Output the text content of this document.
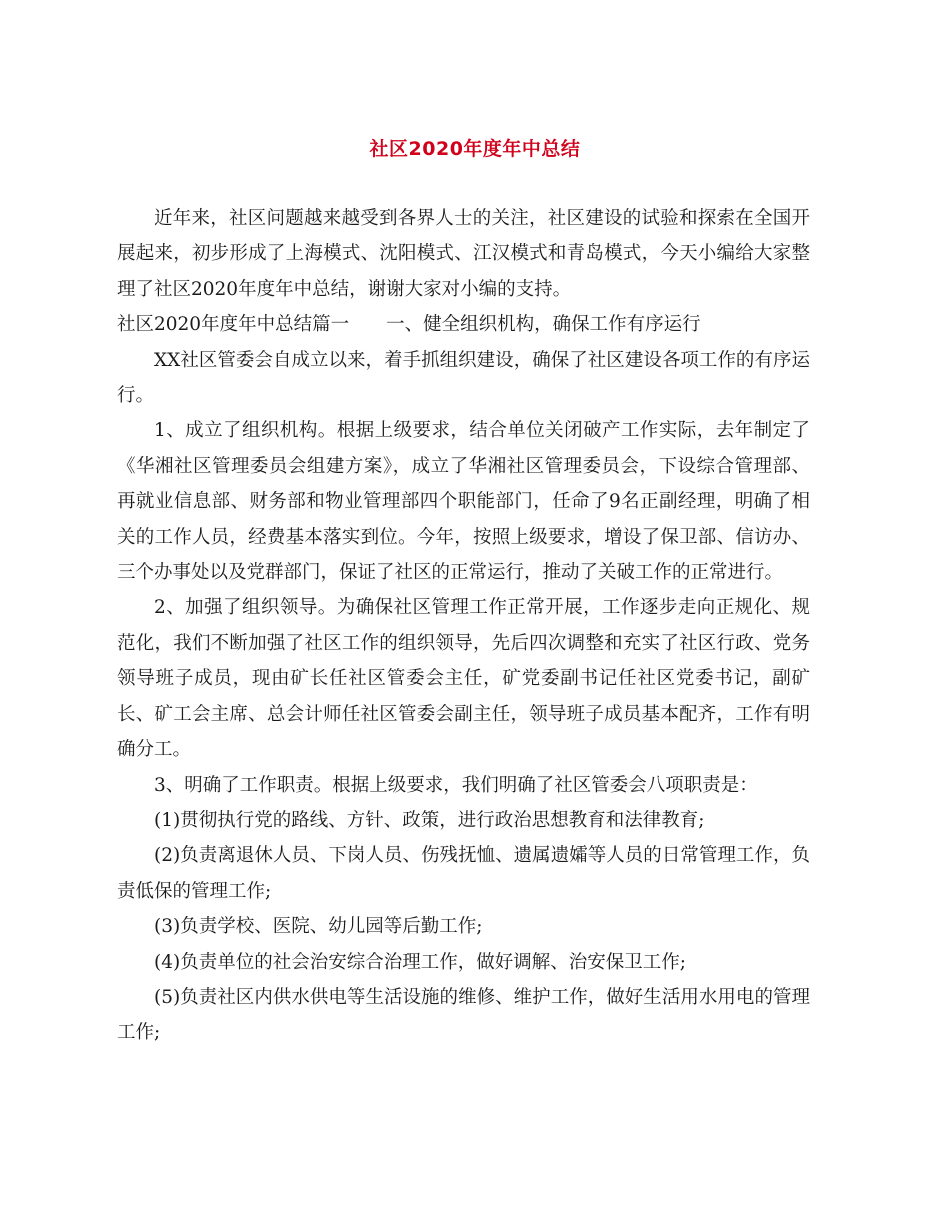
社区2020年度年中总结

近年来，社区问题越来越受到各界人士的关注，社区建设的试验和探索在全国开展起来，初步形成了上海模式、沈阳模式、江汉模式和青岛模式，今天小编给大家整理了社区2020年度年中总结，谢谢大家对小编的支持。

社区2020年度年中总结篇一　　一、健全组织机构，确保工作有序运行

XX社区管委会自成立以来，着手抓组织建设，确保了社区建设各项工作的有序运行。

1、成立了组织机构。根据上级要求，结合单位关闭破产工作实际，去年制定了《华湘社区管理委员会组建方案》，成立了华湘社区管理委员会，下设综合管理部、再就业信息部、财务部和物业管理部四个职能部门，任命了9名正副经理，明确了相关的工作人员，经费基本落实到位。今年，按照上级要求，增设了保卫部、信访办、三个办事处以及党群部门，保证了社区的正常运行，推动了关破工作的正常进行。

2、加强了组织领导。为确保社区管理工作正常开展，工作逐步走向正规化、规范化，我们不断加强了社区工作的组织领导，先后四次调整和充实了社区行政、党务领导班子成员，现由矿长任社区管委会主任，矿党委副书记任社区党委书记，副矿长、矿工会主席、总会计师任社区管委会副主任，领导班子成员基本配齐，工作有明确分工。

3、明确了工作职责。根据上级要求，我们明确了社区管委会八项职责是：

(1)贯彻执行党的路线、方针、政策，进行政治思想教育和法律教育;

(2)负责离退休人员、下岗人员、伤残抚恤、遗属遗孀等人员的日常管理工作，负责低保的管理工作;

(3)负责学校、医院、幼儿园等后勤工作;

(4)负责单位的社会治安综合治理工作，做好调解、治安保卫工作;

(5)负责社区内供水供电等生活设施的维修、维护工作，做好生活用水用电的管理工作;
